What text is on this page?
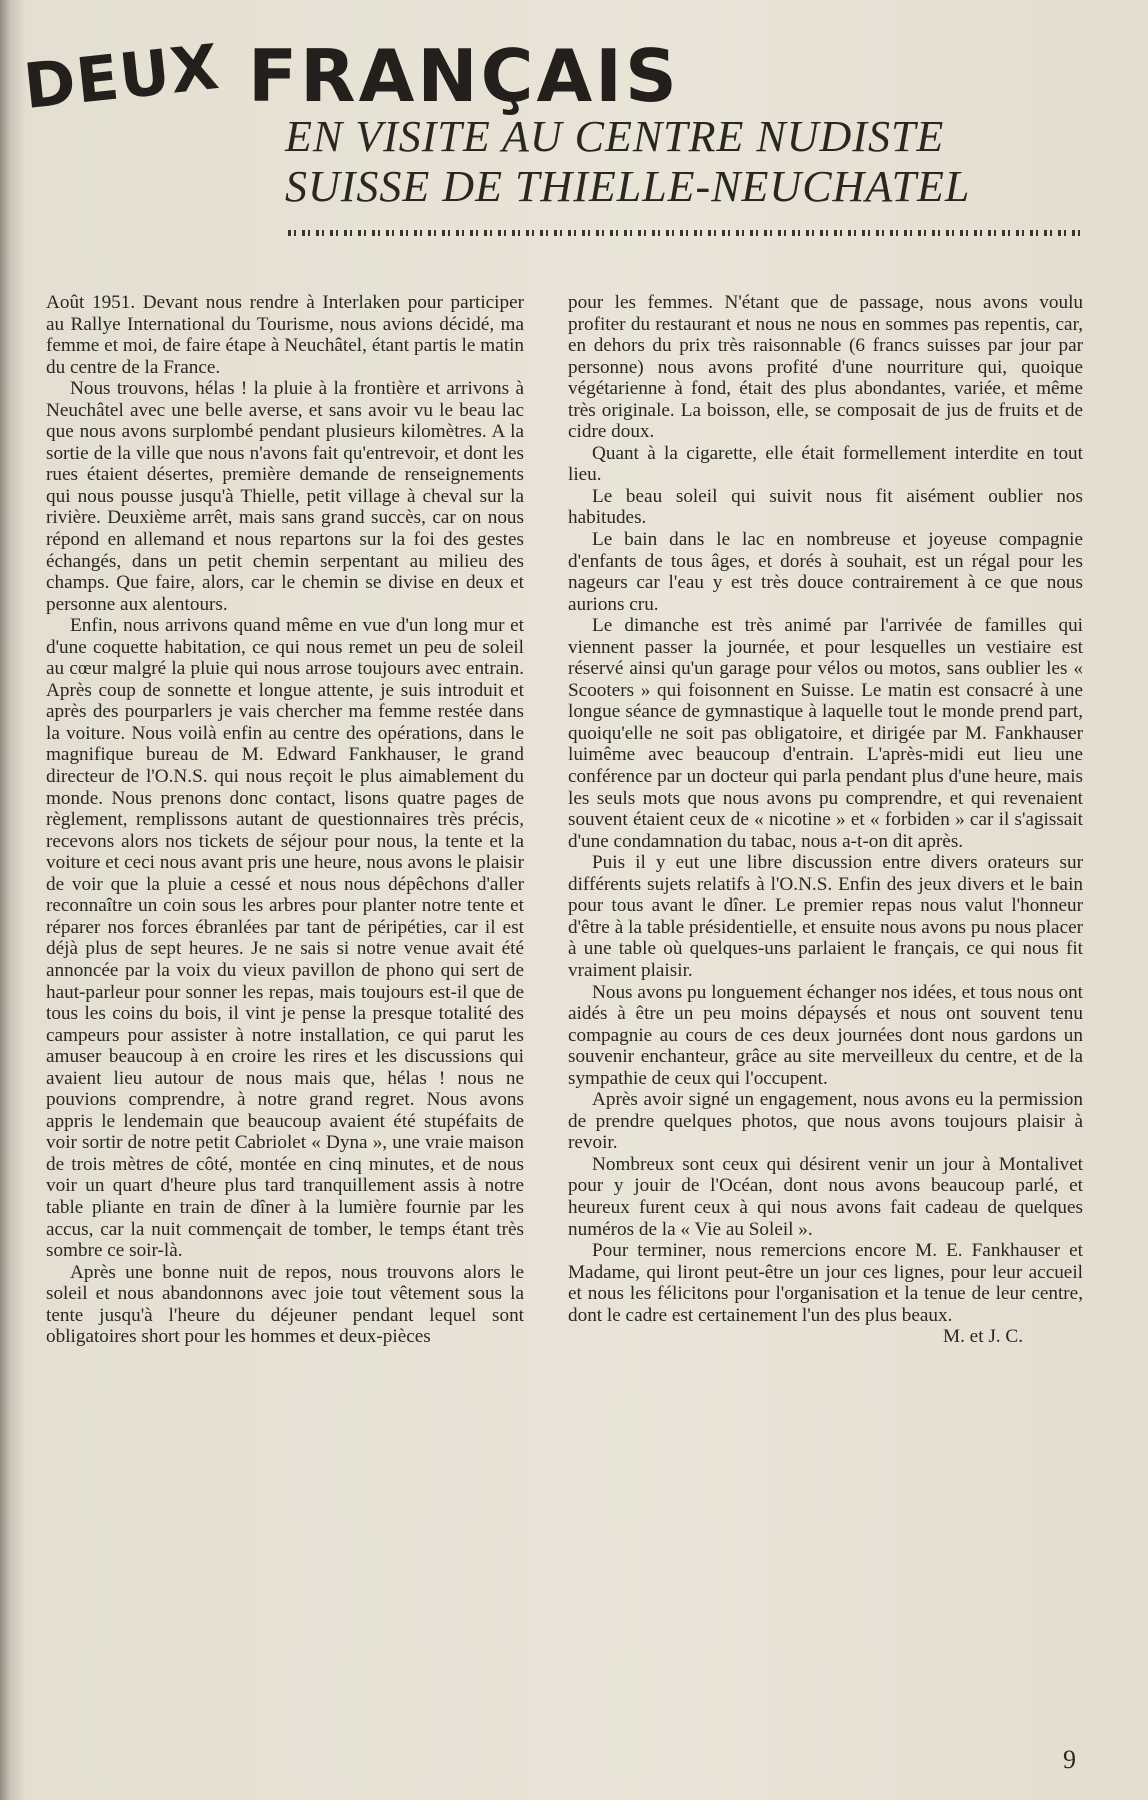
DEUX FRANÇAIS
EN VISITE AU CENTRE NUDISTE
SUISSE DE THIELLE-NEUCHATEL

Août 1951. Devant nous rendre à Interlaken pour participer au Rallye International du Tourisme, nous avions décidé, ma femme et moi, de faire étape à Neuchâtel, étant partis le matin du centre de la France.

Nous trouvons, hélas ! la pluie à la frontière et arrivons à Neuchâtel avec une belle averse, et sans avoir vu le beau lac que nous avons surplombé pendant plusieurs kilomètres. A la sortie de la ville que nous n'avons fait qu'entrevoir, et dont les rues étaient désertes, première demande de renseignements qui nous pousse jusqu'à Thielle, petit village à cheval sur la rivière. Deuxième arrêt, mais sans grand succès, car on nous répond en allemand et nous repartons sur la foi des gestes échangés, dans un petit chemin serpentant au milieu des champs. Que faire, alors, car le chemin se divise en deux et personne aux alentours.

Enfin, nous arrivons quand même en vue d'un long mur et d'une coquette habitation, ce qui nous remet un peu de soleil au cœur malgré la pluie qui nous arrose toujours avec entrain. Après coup de sonnette et longue attente, je suis introduit et après des pourparlers je vais chercher ma femme restée dans la voiture. Nous voilà enfin au centre des opérations, dans le magnifique bureau de M. Edward Fankhauser, le grand directeur de l'O.N.S. qui nous reçoit le plus aimablement du monde. Nous prenons donc contact, lisons quatre pages de règlement, remplissons autant de questionnaires très précis, recevons alors nos tickets de séjour pour nous, la tente et la voiture et ceci nous avant pris une heure, nous avons le plaisir de voir que la pluie a cessé et nous nous dépêchons d'aller reconnaître un coin sous les arbres pour planter notre tente et réparer nos forces ébranlées par tant de péripéties, car il est déjà plus de sept heures. Je ne sais si notre venue avait été annoncée par la voix du vieux pavillon de phono qui sert de haut-parleur pour sonner les repas, mais toujours est-il que de tous les coins du bois, il vint je pense la presque totalité des campeurs pour assister à notre installation, ce qui parut les amuser beaucoup à en croire les rires et les discussions qui avaient lieu autour de nous mais que, hélas ! nous ne pouvions comprendre, à notre grand regret. Nous avons appris le lendemain que beaucoup avaient été stupéfaits de voir sortir de notre petit Cabriolet « Dyna », une vraie maison de trois mètres de côté, montée en cinq minutes, et de nous voir un quart d'heure plus tard tranquillement assis à notre table pliante en train de dîner à la lumière fournie par les accus, car la nuit commençait de tomber, le temps étant très sombre ce soir-là.

Après une bonne nuit de repos, nous trouvons alors le soleil et nous abandonnons avec joie tout vêtement sous la tente jusqu'à l'heure du déjeuner pendant lequel sont obligatoires short pour les hommes et deux-pièces

pour les femmes. N'étant que de passage, nous avons voulu profiter du restaurant et nous ne nous en sommes pas repentis, car, en dehors du prix très raisonnable (6 francs suisses par jour par personne) nous avons profité d'une nourriture qui, quoique végétarienne à fond, était des plus abondantes, variée, et même très originale. La boisson, elle, se composait de jus de fruits et de cidre doux.

Quant à la cigarette, elle était formellement interdite en tout lieu.

Le beau soleil qui suivit nous fit aisément oublier nos habitudes.

Le bain dans le lac en nombreuse et joyeuse compagnie d'enfants de tous âges, et dorés à souhait, est un régal pour les nageurs car l'eau y est très douce contrairement à ce que nous aurions cru.

Le dimanche est très animé par l'arrivée de familles qui viennent passer la journée, et pour lesquelles un vestiaire est réservé ainsi qu'un garage pour vélos ou motos, sans oublier les « Scooters » qui foisonnent en Suisse. Le matin est consacré à une longue séance de gymnastique à laquelle tout le monde prend part, quoiqu'elle ne soit pas obligatoire, et dirigée par M. Fankhauser luimême avec beaucoup d'entrain. L'après-midi eut lieu une conférence par un docteur qui parla pendant plus d'une heure, mais les seuls mots que nous avons pu comprendre, et qui revenaient souvent étaient ceux de « nicotine » et « forbiden » car il s'agissait d'une condamnation du tabac, nous a-t-on dit après.

Puis il y eut une libre discussion entre divers orateurs sur différents sujets relatifs à l'O.N.S. Enfin des jeux divers et le bain pour tous avant le dîner. Le premier repas nous valut l'honneur d'être à la table présidentielle, et ensuite nous avons pu nous placer à une table où quelques-uns parlaient le français, ce qui nous fit vraiment plaisir.

Nous avons pu longuement échanger nos idées, et tous nous ont aidés à être un peu moins dépaysés et nous ont souvent tenu compagnie au cours de ces deux journées dont nous gardons un souvenir enchanteur, grâce au site merveilleux du centre, et de la sympathie de ceux qui l'occupent.

Après avoir signé un engagement, nous avons eu la permission de prendre quelques photos, que nous avons toujours plaisir à revoir.

Nombreux sont ceux qui désirent venir un jour à Montalivet pour y jouir de l'Océan, dont nous avons beaucoup parlé, et heureux furent ceux à qui nous avons fait cadeau de quelques numéros de la « Vie au Soleil ».

Pour terminer, nous remercions encore M. E. Fankhauser et Madame, qui liront peut-être un jour ces lignes, pour leur accueil et nous les félicitons pour l'organisation et la tenue de leur centre, dont le cadre est certainement l'un des plus beaux.

M. et J. C.

9
